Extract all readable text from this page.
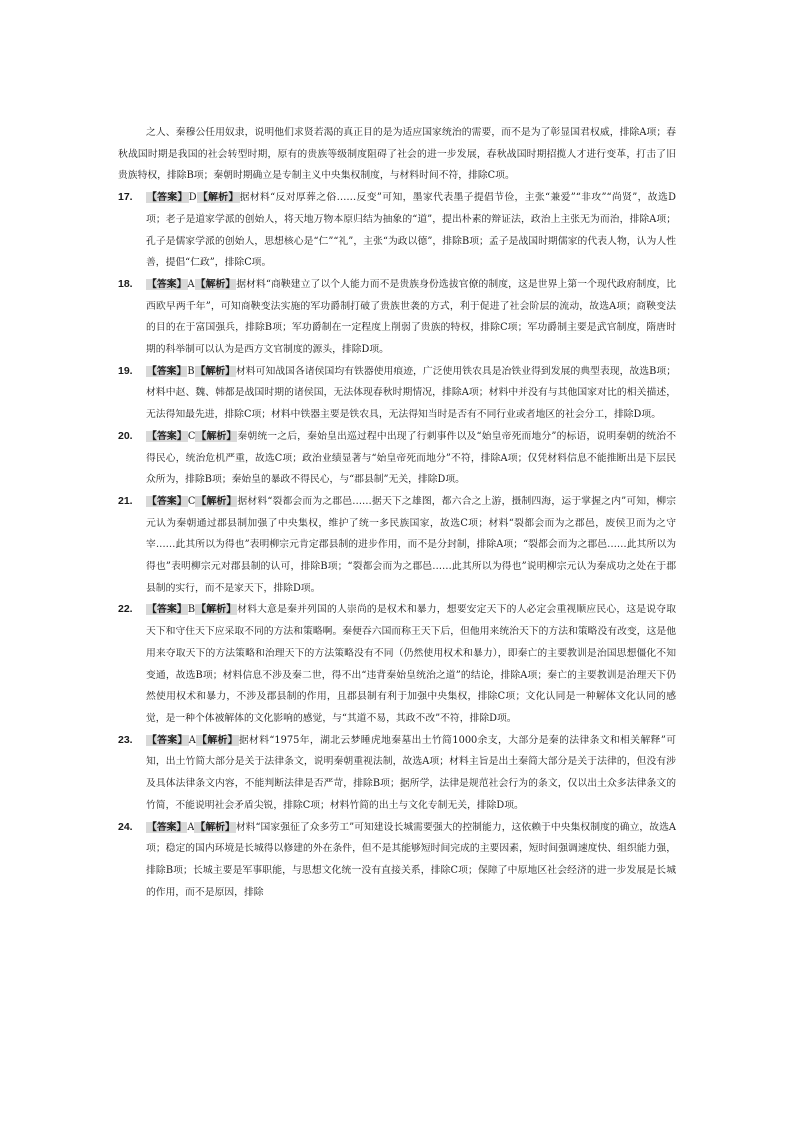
之人、秦穆公任用奴隶，说明他们求贤若渴的真正目的是为适应国家统治的需要，而不是为了彰显国君权威，排除A项；春秋战国时期是我国的社会转型时期，原有的贵族等级制度阻碍了社会的进一步发展，春秋战国时期招揽人才进行变革，打击了旧贵族特权，排除B项；秦朝时期确立是专制主义中央集权制度，与材料时间不符，排除C项。

17. 【答案】D【解析】据材料“反对厚葬之俗……反变”可知，墨家代表墨子提倡节俭，主张“兼爱”“非攻”“尚贤”，故选D项；老子是道家学派的创始人，将天地万物本原归结为抽象的“道”，提出朴素的辩证法，政治上主张无为而治，排除A项；孔子是儒家学派的创始人，思想核心是“仁”“礼”，主张“为政以德”，排除B项；孟子是战国时期儒家的代表人物，认为人性善，提倡“仁政”，排除C项。

18. 【答案】A【解析】据材料“商鞅建立了以个人能力而不是贵族身份选拔官僚的制度，这是世界上第一个现代政府制度，比西欧早两千年”，可知商鞅变法实施的军功爵制打破了贵族世袭的方式，利于促进了社会阶层的流动，故选A项；商鞅变法的目的在于富国强兵，排除B项；军功爵制在一定程度上削弱了贵族的特权，排除C项；军功爵制主要是武官制度，隋唐时期的科举制可以认为是西方文官制度的源头，排除D项。

19. 【答案】B【解析】材料可知战国各诸侯国均有铁器使用痕迹，广泛使用铁农具是冶铁业得到发展的典型表现，故选B项；材料中赵、魏、韩都是战国时期的诸侯国，无法体现春秋时期情况，排除A项；材料中并没有与其他国家对比的相关描述，无法得知最先进，排除C项；材料中铁器主要是铁农具，无法得知当时是否有不同行业或者地区的社会分工，排除D项。

20. 【答案】C【解析】秦朝统一之后，秦始皇出巡过程中出现了行刺事件以及“始皇帝死而地分”的标语，说明秦朝的统治不得民心，统治危机严重，故选C项；政治业绩显著与“始皇帝死而地分”不符，排除A项；仅凭材料信息不能推断出是下层民众所为，排除B项；秦始皇的暴政不得民心，与“郡县制”无关，排除D项。

21. 【答案】C【解析】据材料“裂都会而为之郡邑……据天下之雄图，都六合之上游，摄制四海，运于掌握之内”可知，柳宗元认为秦朝通过郡县制加强了中央集权，维护了统一多民族国家，故选C项；材料“裂都会而为之郡邑，废侯卫而为之守宰……此其所以为得也”表明柳宗元肯定郡县制的进步作用，而不是分封制，排除A项；“裂都会而为之郡邑……此其所以为得也”表明柳宗元对郡县制的认可，排除B项；“裂都会而为之郡邑……此其所以为得也”说明柳宗元认为秦成功之处在于郡县制的实行，而不是家天下，排除D项。

22. 【答案】B【解析】材料大意是秦并列国的人崇尚的是权术和暴力，想要安定天下的人必定会重视顺应民心，这是说夺取天下和守住天下应采取不同的方法和策略啊。秦便吞六国而称王天下后，但他用来统治天下的方法和策略没有改变，这是他用来夺取天下的方法策略和治理天下的方法策略没有不同（仍然使用权术和暴力），即秦亡的主要教训是治国思想僵化不知变通，故选B项；材料信息不涉及秦二世，得不出“违背秦始皇统治之道”的结论，排除A项；秦亡的主要教训是治理天下仍然使用权术和暴力，不涉及郡县制的作用，且郡县制有利于加强中央集权，排除C项；文化认同是一种解体文化认同的感觉，是一种个体被解体的文化影响的感觉，与“其道不易，其政不改”不符，排除D项。

23. 【答案】A【解析】据材料“1975年，湖北云梦睡虎地秦墓出土竹简1000余支，大部分是秦的法律条文和相关解释”可知，出土竹简大部分是关于法律条文，说明秦朝重视法制，故选A项；材料主旨是出土秦简大部分是关于法律的，但没有涉及具体法律条文内容，不能判断法律是否严苛，排除B项；据所学，法律是规范社会行为的条文，仅以出土众多法律条文的竹简，不能说明社会矛盾尖锐，排除C项；材料竹简的出土与文化专制无关，排除D项。

24. 【答案】A【解析】材料“国家强征了众多劳工”可知建设长城需要强大的控制能力，这依赖于中央集权制度的确立，故选A项；稳定的国内环境是长城得以修建的外在条件，但不是其能够短时间完成的主要因素，短时间强调速度快、组织能力强，排除B项；长城主要是军事职能，与思想文化统一没有直接关系，排除C项；保障了中原地区社会经济的进一步发展是长城的作用，而不是原因，排除
